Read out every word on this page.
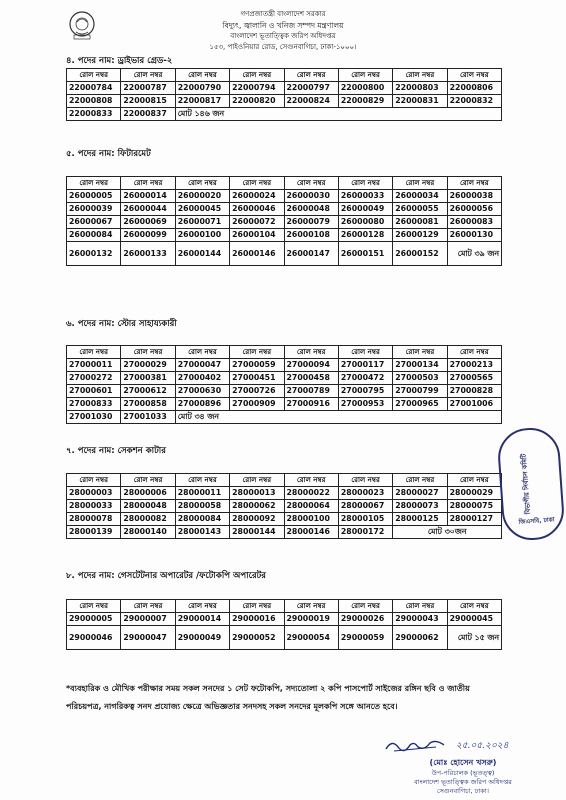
গণপ্রজাতন্ত্রী বাংলাদেশ সরকার
বিদ্যুৎ, জ্বালানি ও খনিজ সম্পদ মন্ত্রণালয়
বাংলাদেশ ভূতাত্ত্বিক জরিপ অধিদপ্তর
১৫৩, পাইওনিয়ার রোড, সেগুনবাগিচা, ঢাকা-১০০০।
৪. পদের নাম: ড্রাইভার গ্রেড-২
রোল নম্বর	রোল নম্বর	রোল নম্বর	রোল নম্বর	রোল নম্বর	রোল নম্বর	রোল নম্বর	রোল নম্বর
22000784	22000787	22000790	22000794	22000797	22000800	22000803	22000806
22000808	22000815	22000817	22000820	22000824	22000829	22000831	22000832
22000833	22000837	মোট ১৪৬ জন					
৫. পদের নাম: ফিটারমেট
রোল নম্বর	রোল নম্বর	রোল নম্বর	রোল নম্বর	রোল নম্বর	রোল নম্বর	রোল নম্বর	রোল নম্বর
26000005	26000014	26000020	26000024	26000030	26000033	26000034	26000038
26000039	26000044	26000045	26000046	26000048	26000049	26000055	26000056
26000067	26000069	26000071	26000072	26000079	26000080	26000081	26000083
26000084	26000099	26000100	26000104	26000108	26000128	26000129	26000130
26000132	26000133	26000144	26000146	26000147	26000151	26000152	মোট ৩৯ জন
৬. পদের নাম: স্টোর সাহায্যকারী
রোল নম্বর	রোল নম্বর	রোল নম্বর	রোল নম্বর	রোল নম্বর	রোল নম্বর	রোল নম্বর	রোল নম্বর
27000011	27000029	27000047	27000059	27000094	27000117	27000134	27000213
27000272	27000381	27000402	27000451	27000458	27000472	27000503	27000565
27000601	27000612	27000630	27000726	27000789	27000795	27000799	27000828
27000833	27000858	27000896	27000909	27000916	27000953	27000965	27001006
27001030	27001033	মোট ৩৪ জন					
৭. পদের নাম: সেকশন কাটার
রোল নম্বর	রোল নম্বর	রোল নম্বর	রোল নম্বর	রোল নম্বর	রোল নম্বর	রোল নম্বর	রোল নম্বর
28000003	28000006	28000011	28000013	28000022	28000023	28000027	28000029
28000033	28000048	28000058	28000062	28000064	28000067	28000073	28000075
28000078	28000082	28000084	28000092	28000100	28000105	28000125	28000127
28000139	28000140	28000143	28000144	28000146	28000172	মোট ৩০জন	
৮. পদের নাম: গেসটেটনার অপারেটর /ফটোকপি অপারেটর
রোল নম্বর	রোল নম্বর	রোল নম্বর	রোল নম্বর	রোল নম্বর	রোল নম্বর	রোল নম্বর	রোল নম্বর
29000005	29000007	29000014	29000016	29000019	29000026	29000043	29000045
29000046	29000047	29000049	29000052	29000054	29000059	29000062	মোট ১৫ জন
বিভাগীয় নির্বাচন কমিটি
জিএসবি, ঢাকা
*ব্যবহারিক ও মৌখিক পরীক্ষার সময় সকল সনদের ১ সেট ফটোকপি, সদ্যতোলা ২ কপি পাসপোর্ট সাইজের রঙ্গিন ছবি ও জাতীয় পরিচয়পত্র, নাগরিকত্ব সনদ প্রযোজ্য ক্ষেত্রে অভিজ্ঞতার সনদসহ সকল সনদের মূলকপি সঙ্গে আনতে হবে।
২৫.০৫.২০২৪
(মোঃ হোসেন খসরু)
উপ-পরিচালক (ভূতত্ত্ব)
বাংলাদেশ ভূতাত্ত্বিক জরিপ অধিদপ্তর
সেগুনবাগিচা, ঢাকা।
